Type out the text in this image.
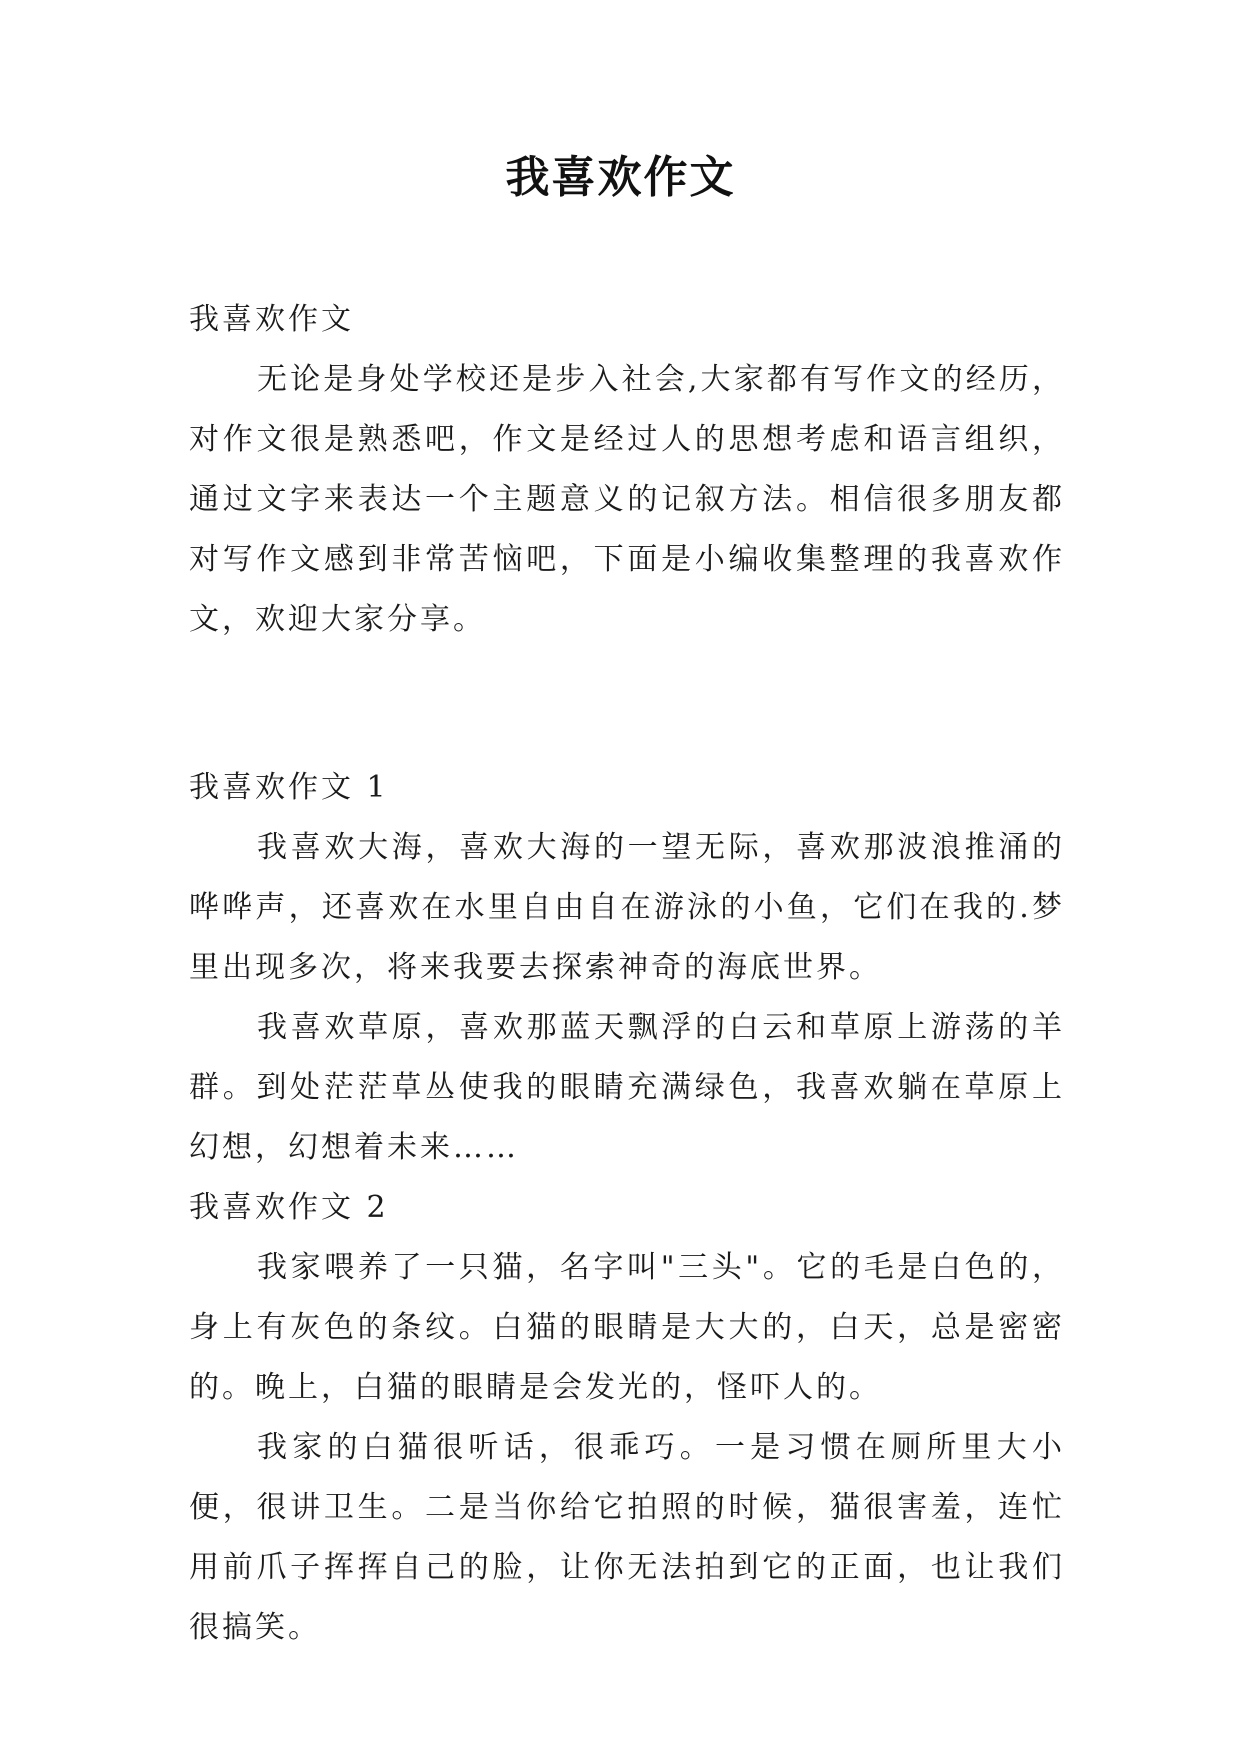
我喜欢作文
我喜欢作文

无论是身处学校还是步入社会,大家都有写作文的经历，对作文很是熟悉吧，作文是经过人的思想考虑和语言组织，通过文字来表达一个主题意义的记叙方法。相信很多朋友都对写作文感到非常苦恼吧，下面是小编收集整理的我喜欢作文，欢迎大家分享。

我喜欢作文 1

我喜欢大海，喜欢大海的一望无际，喜欢那波浪推涌的哗哗声，还喜欢在水里自由自在游泳的小鱼，它们在我的.梦里出现多次，将来我要去探索神奇的海底世界。

我喜欢草原，喜欢那蓝天飘浮的白云和草原上游荡的羊群。到处茫茫草丛使我的眼睛充满绿色，我喜欢躺在草原上幻想，幻想着未来……

我喜欢作文 2

我家喂养了一只猫，名字叫"三头"。它的毛是白色的，身上有灰色的条纹。白猫的眼睛是大大的，白天，总是密密的。晚上，白猫的眼睛是会发光的，怪吓人的。

我家的白猫很听话，很乖巧。一是习惯在厕所里大小便，很讲卫生。二是当你给它拍照的时候，猫很害羞，连忙用前爪子挥挥自己的脸，让你无法拍到它的正面，也让我们很搞笑。
